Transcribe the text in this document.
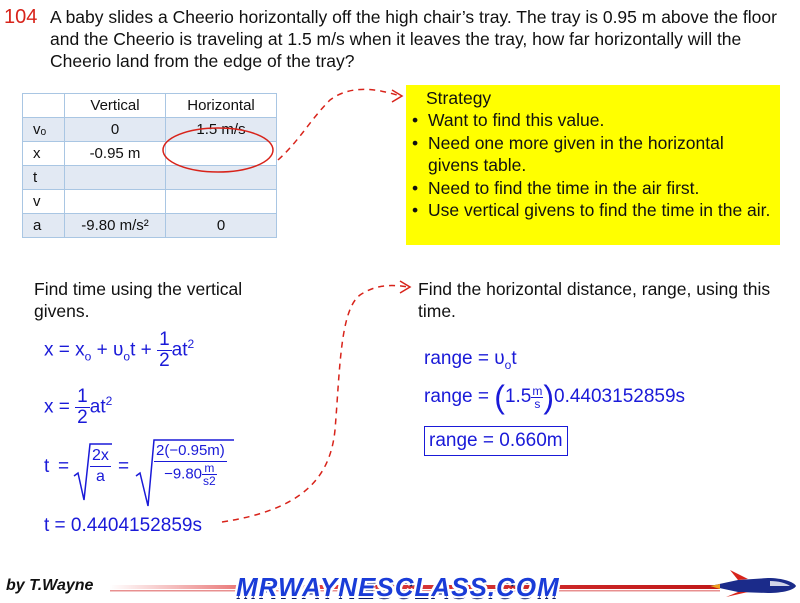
104 A baby slides a Cheerio horizontally off the high chair’s tray. The tray is 0.95 m above the floor and the Cheerio is traveling at 1.5 m/s when it leaves the tray, how far horizontally will the Cheerio land from the edge of the tray?
	Vertical	Horizontal
vₒ	0	1.5 m/s
x	-0.95 m	
t		
v		
a	-9.80 m/s²	0
Strategy
• Want to find this value.
• Need one more given in the horizontal givens table.
• Need to find the time in the air first.
• Use vertical givens to find the time in the air.
Find time using the vertical givens.
Find the horizontal distance, range, using this time.
$x = x_o + \upsilon_ot + \frac{1}{2} at^2$
$x = \frac{1}{2} at^2$
$t = \frac{2x}{a} = \frac{2(-0.95m)}{-9.80 \frac{m}{s2}}$
t = 0.4404152859s
range = $\upsilon_ot$
range = $(1.5 \frac{m}{s} )0.4403152859s$
range = 0.660m
by T.Wayne	MRWAYNESCLASS.COM
